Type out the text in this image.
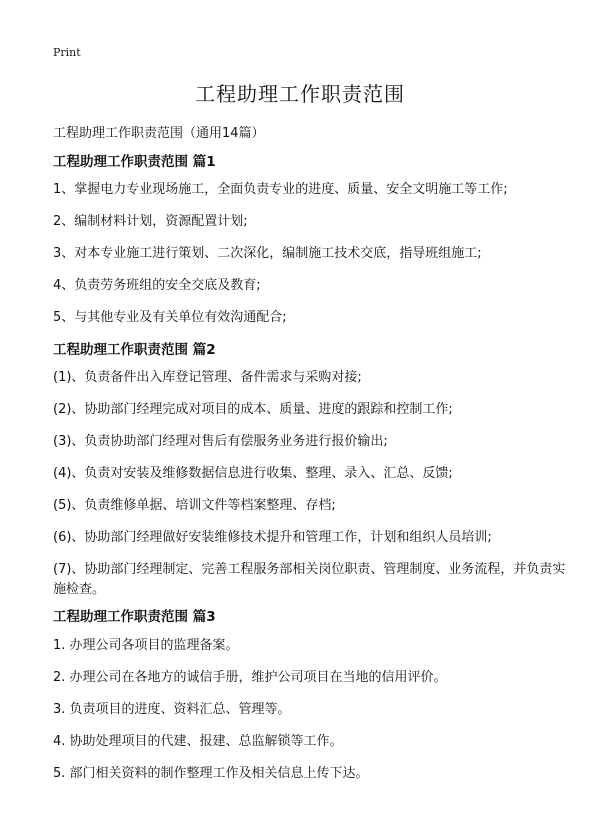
Print
工程助理工作职责范围
工程助理工作职责范围（通用14篇）
工程助理工作职责范围 篇1
1、掌握电力专业现场施工，全面负责专业的进度、质量、安全文明施工等工作;
2、编制材料计划，资源配置计划;
3、对本专业施工进行策划、二次深化，编制施工技术交底，指导班组施工;
4、负责劳务班组的安全交底及教育;
5、与其他专业及有关单位有效沟通配合;
工程助理工作职责范围 篇2
(1)、负责备件出入库登记管理、备件需求与采购对接;
(2)、协助部门经理完成对项目的成本、质量、进度的跟踪和控制工作;
(3)、负责协助部门经理对售后有偿服务业务进行报价输出;
(4)、负责对安装及维修数据信息进行收集、整理、录入、汇总、反馈;
(5)、负责维修单据、培训文件等档案整理、存档;
(6)、协助部门经理做好安装维修技术提升和管理工作，计划和组织人员培训;
(7)、协助部门经理制定、完善工程服务部相关岗位职责、管理制度、业务流程，并负责实施检查。
工程助理工作职责范围 篇3
1. 办理公司各项目的监理备案。
2. 办理公司在各地方的诚信手册，维护公司项目在当地的信用评价。
3. 负责项目的进度、资料汇总、管理等。
4. 协助处理项目的代建、报建、总监解锁等工作。
5. 部门相关资料的制作整理工作及相关信息上传下达。
